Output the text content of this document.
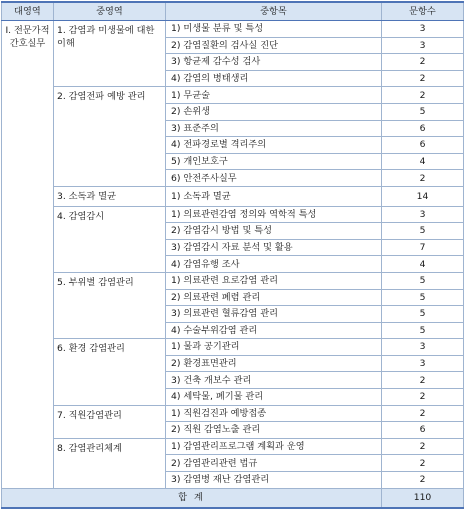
대영역	중영역	중항목	문항수
Ⅰ. 전문가적 간호실무	1. 감염과 미생물에 대한 이해	1) 미생물 분류 및 특성	3
		2) 감염질환의 검사실 진단	3
		3) 항균제 감수성 검사	2
		4) 감염의 병태생리	2
	2. 감염전파 예방 관리	1) 무균술	2
		2) 손위생	5
		3) 표준주의	6
		4) 전파경로별 격리주의	6
		5) 개인보호구	4
		6) 안전주사실무	2
	3. 소독과 멸균	1) 소독과 멸균	14
	4. 감염감시	1) 의료관련감염 정의와 역학적 특성	3
		2) 감염감시 방법 및 특성	5
		3) 감염감시 자료 분석 및 활용	7
		4) 감염유행 조사	4
	5. 부위별 감염관리	1) 의료관련 요로감염 관리	5
		2) 의료관련 폐렴 관리	5
		3) 의료관련 혈류감염 관리	5
		4) 수술부위감염 관리	5
	6. 환경 감염관리	1) 물과 공기관리	3
		2) 환경표면관리	3
		3) 건축 개보수 관리	2
		4) 세탁물, 폐기물 관리	2
	7. 직원감염관리	1) 직원검진과 예방접종	2
		2) 직원 감염노출 관리	6
	8. 감염관리체계	1) 감염관리프로그램 계획과 운영	2
		2) 감염관리관련 법규	2
		3) 감염병 재난 감염관리	2
합 계			110
